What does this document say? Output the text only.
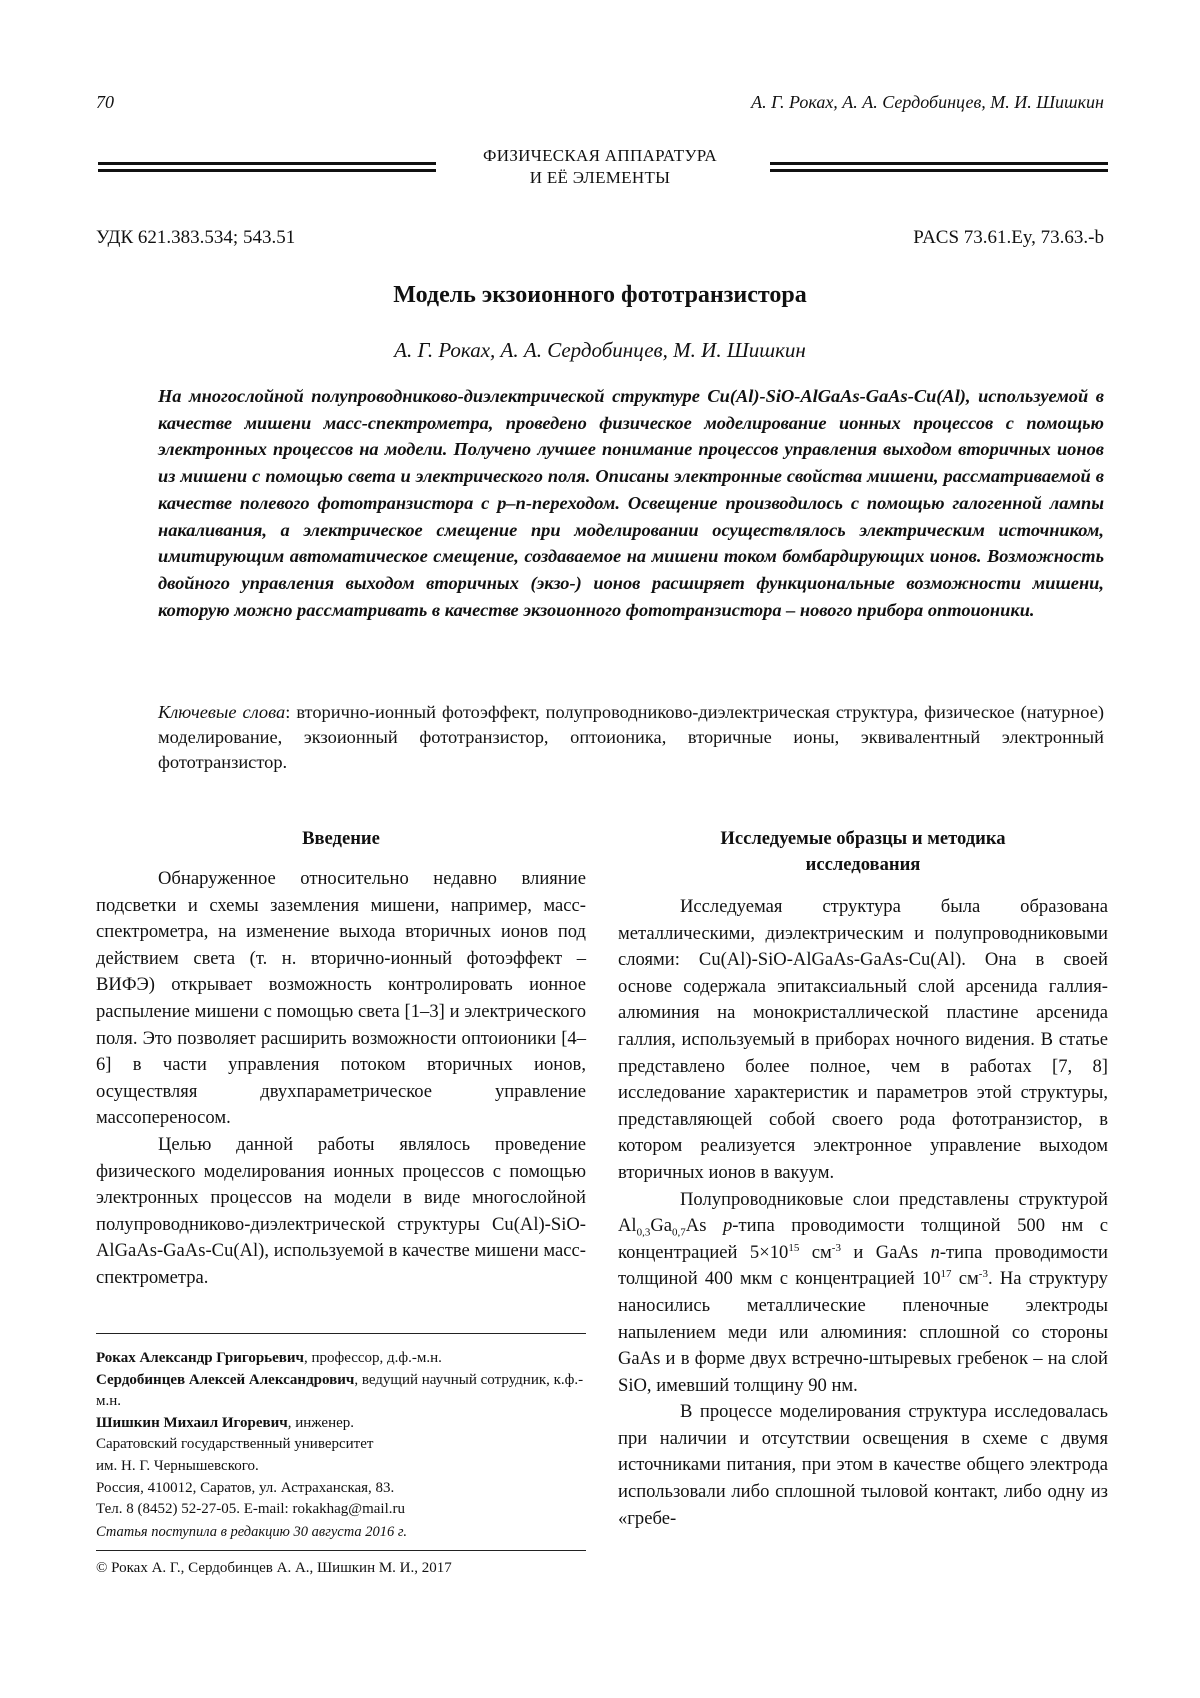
70	А. Г. Рокаx, А. А. Сердобинцев, М. И. Шишкин
ФИЗИЧЕСКАЯ АППАРАТУРА
И ЕЁ ЭЛЕМЕНТЫ
УДК 621.383.534; 543.51	PACS 73.61.Ey, 73.63.-b
Модель экзоионного фототранзистора
А. Г. Рокаx, А. А. Сердобинцев, М. И. Шишкин
На многослойной полупроводниково-диэлектрической структуре Cu(Al)-SiO-AlGaAs-GaAs-Cu(Al), используемой в качестве мишени масс-спектрометра, проведено физическое моделирование ионных процессов с помощью электронных процессов на модели. Получено лучшее понимание процессов управления выходом вторичных ионов из мишени с помощью света и электрического поля. Описаны электронные свойства мишени, рассматриваемой в качестве полевого фототранзистора с p–n-переходом. Освещение производилось с помощью галогенной лампы накаливания, а электрическое смещение при моделировании осуществлялось электрическим источником, имитирующим автоматическое смещение, создаваемое на мишени током бомбардирующих ионов. Возможность двойного управления выходом вторичных (экзо-) ионов расширяет функциональные возможности мишени, которую можно рассматривать в качестве экзоионного фототранзистора – нового прибора оптоионики.
Ключевые слова: вторично-ионный фотоэффект, полупроводниково-диэлектрическая структура, физическое (натурное) моделирование, экзоионный фототранзистор, оптоионика, вторичные ионы, эквивалентный электронный фототранзистор.
Введение

Обнаруженное относительно недавно влияние подсветки и схемы заземления мишени, например, масс-спектрометра, на изменение выхода вторичных ионов под действием света (т. н. вторично-ионный фотоэффект – ВИФЭ) открывает возможность контролировать ионное распыление мишени с помощью света [1–3] и электрического поля. Это позволяет расширить возможности оптоионики [4–6] в части управления потоком вторичных ионов, осуществляя двухпараметрическое управление массопереносом.

Целью данной работы являлось проведение физического моделирования ионных процессов с помощью электронных процессов на модели в виде многослойной полупроводниково-диэлектрической структуры Cu(Al)-SiO-AlGaAs-GaAs-Cu(Al), используемой в качестве мишени масс-спектрометра.

Рокаx Александр Григорьевич, профессор, д.ф.-м.н.
Сердобинцев Алексей Александрович, ведущий научный сотрудник, к.ф.-м.н.
Шишкин Михаил Игоревич, инженер.
Саратовский государственный университет
им. Н. Г. Чернышевского.
Россия, 410012, Саратов, ул. Астраханская, 83.
Тел. 8 (8452) 52-27-05. E-mail: rokakhag@mail.ru
Статья поступила в редакцию 30 августа 2016 г.
© Рокаx А. Г., Сердобинцев А. А., Шишкин М. И., 2017
Исследуемые образцы и методика
исследования

Исследуемая структура была образована металлическими, диэлектрическим и полупроводниковыми слоями: Cu(Al)-SiO-AlGaAs-GaAs-Cu(Al). Она в своей основе содержала эпитаксиальный слой арсенида галлия-алюминия на монокристаллической пластине арсенида галлия, используемый в приборах ночного видения. В статье представлено более полное, чем в работах [7, 8] исследование характеристик и параметров этой структуры, представляющей собой своего рода фототранзистор, в котором реализуется электронное управление выходом вторичных ионов в вакуум.

Полупроводниковые слои представлены структурой $Al_{0,3}Ga_{0,7}As$ p-типа проводимости толщиной 500 нм с концентрацией $5\times 10^{15}$ $см^{-3}$ и GaAs n-типа проводимости толщиной 400 мкм с концентрацией $10^{17}$ $см^{-3}$. На структуру наносились металлические пленочные электроды напылением меди или алюминия: сплошной со стороны GaAs и в форме двух встречно-штыревых гребенок – на слой SiO, имевший толщину 90 нм.

В процессе моделирования структура исследовалась при наличии и отсутствии освещения в схеме с двумя источниками питания, при этом в качестве общего электрода использовали либо сплошной тыловой контакт, либо одну из «гребе-
